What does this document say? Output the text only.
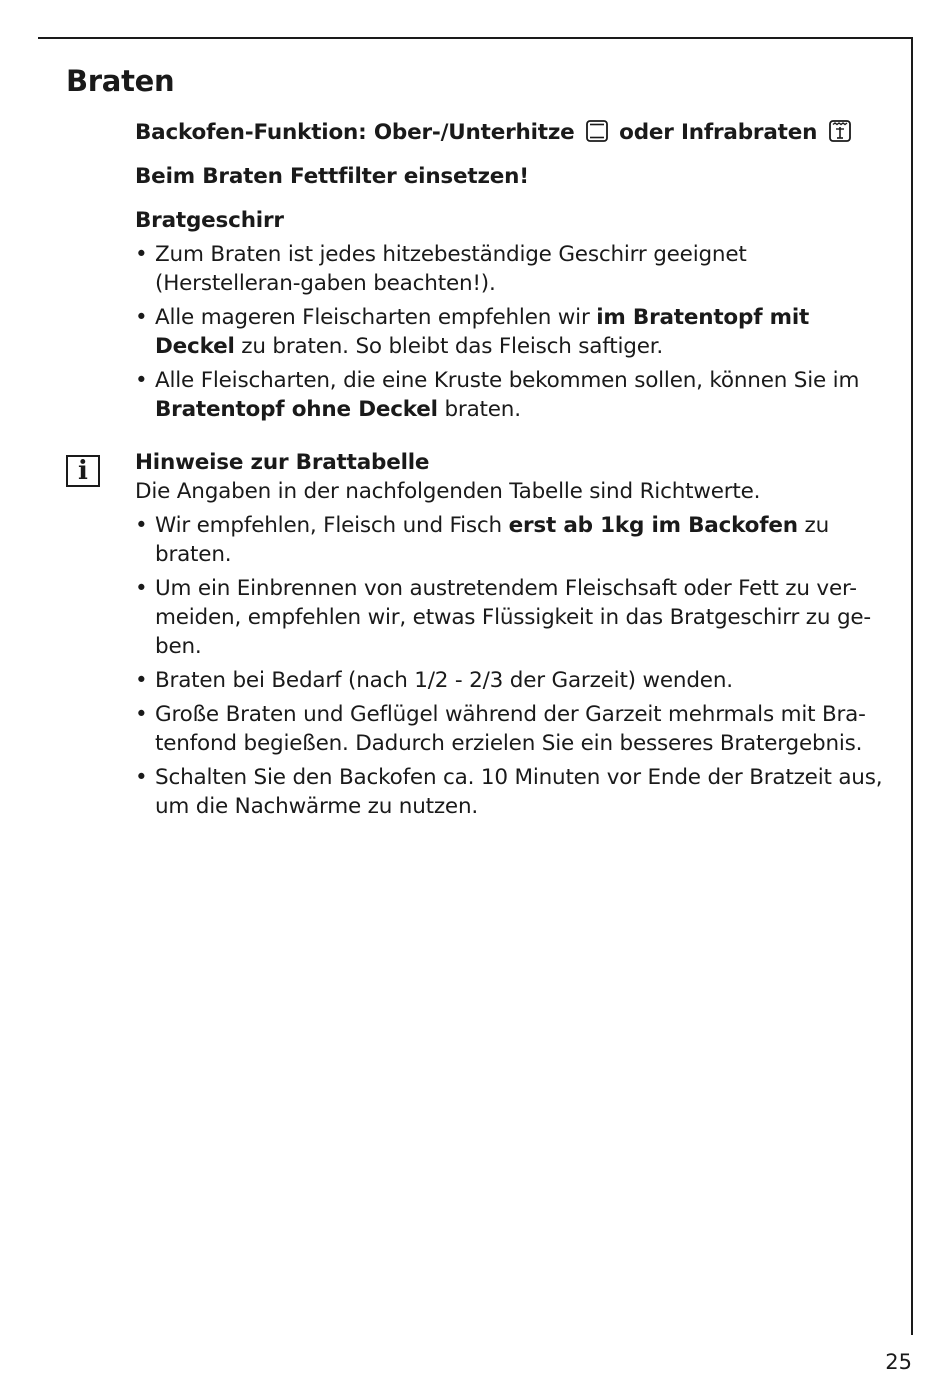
Braten

Backofen-Funktion: Ober-/Unterhitze oder Infrabraten

Beim Braten Fettfilter einsetzen!

Bratgeschirr

• Zum Braten ist jedes hitzebeständige Geschirr geeignet (Herstelleran-gaben beachten!).
• Alle mageren Fleischarten empfehlen wir im Bratentopf mit Deckel zu braten. So bleibt das Fleisch saftiger.
• Alle Fleischarten, die eine Kruste bekommen sollen, können Sie im Bratentopf ohne Deckel braten.
i	Hinweise zur Brattabelle

Die Angaben in der nachfolgenden Tabelle sind Richtwerte.

• Wir empfehlen, Fleisch und Fisch erst ab 1kg im Backofen zu braten.
• Um ein Einbrennen von austretendem Fleischsaft oder Fett zu ver-meiden, empfehlen wir, etwas Flüssigkeit in das Bratgeschirr zu ge-ben.
• Braten bei Bedarf (nach 1/2 - 2/3 der Garzeit) wenden.
• Große Braten und Geflügel während der Garzeit mehrmals mit Bra-tenfond begießen. Dadurch erzielen Sie ein besseres Bratergebnis.
• Schalten Sie den Backofen ca. 10 Minuten vor Ende der Bratzeit aus, um die Nachwärme zu nutzen.
25
